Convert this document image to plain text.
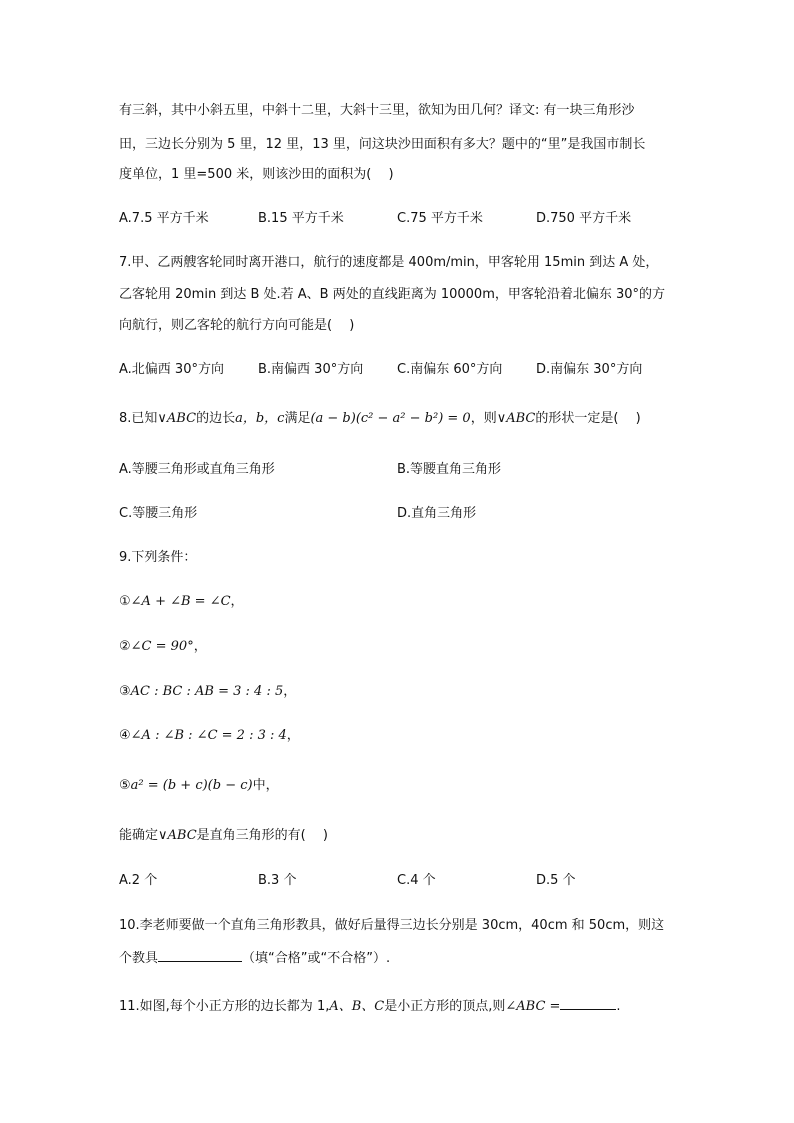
有三斜，其中小斜五里，中斜十二里，大斜十三里，欲知为田几何？译文: 有一块三角形沙
田，三边长分别为 5 里，12 里，13 里，问这块沙田面积有多大？题中的“里”是我国市制长
度单位，1 里=500 米，则该沙田的面积为(　 )
A.7.5 平方千米	B.15 平方千米	C.75 平方千米	D.750 平方千米
7.甲、乙两艘客轮同时离开港口，航行的速度都是 400m/min，甲客轮用 15min 到达 A 处，
乙客轮用 20min 到达 B 处.若 A、B 两处的直线距离为 10000m，甲客轮沿着北偏东 30°的方
向航行，则乙客轮的航行方向可能是(　 )
A.北偏西 30°方向	B.南偏西 30°方向	C.南偏东 60°方向	D.南偏东 30°方向
8.已知∨ABC的边长a，b，c满足(a − b)(c² − a² − b²) = 0，则∨ABC的形状一定是(　 )
A.等腰三角形或直角三角形	B.等腰直角三角形
C.等腰三角形	D.直角三角形
9.下列条件：
①∠A + ∠B = ∠C，
②∠C = 90°，
③AC : BC : AB = 3 : 4 : 5，
④∠A : ∠B : ∠C = 2 : 3 : 4，
⑤a² = (b + c)(b − c)中，
能确定∨ABC是直角三角形的有(　 )
A.2 个	B.3 个	C.4 个	D.5 个
10.李老师要做一个直角三角形教具，做好后量得三边长分别是 30cm，40cm 和 50cm，则这
个教具	（填“合格”或“不合格”）.
11.如图,每个小正方形的边长都为 1,A、B、C是小正方形的顶点,则∠ABC =	.
